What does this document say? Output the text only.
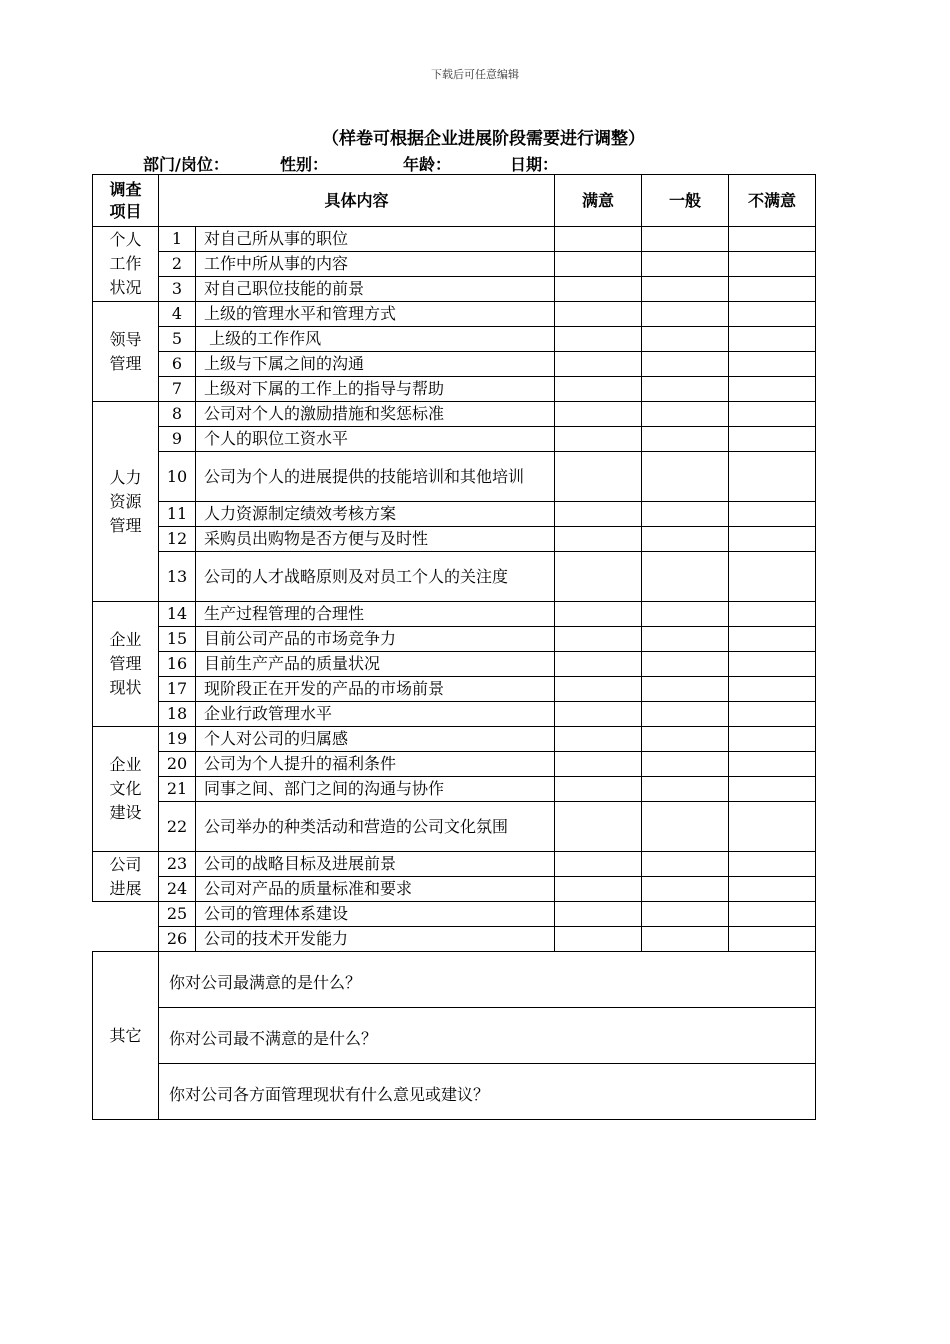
下载后可任意编辑
（样卷可根据企业进展阶段需要进行调整）
部门/岗位：	性别：	年龄：	日期：
调查
项目	具体内容		满意	一般	不满意
个人
工作
状况	1	对自己所从事的职位			
	2	工作中所从事的内容			
	3	对自己职位技能的前景			
领导
管理	4	上级的管理水平和管理方式			
	5	上级的工作作风			
	6	上级与下属之间的沟通			
	7	上级对下属的工作上的指导与帮助			
人力
资源
管理	8	公司对个人的激励措施和奖惩标准			
	9	个人的职位工资水平			
	10	公司为个人的进展提供的技能培训和其他培训			
	11	人力资源制定绩效考核方案			
	12	采购员出购物是否方便与及时性			
	13	公司的人才战略原则及对员工个人的关注度			
企业
管理
现状	14	生产过程管理的合理性			
	15	目前公司产品的市场竞争力			
	16	目前生产产品的质量状况			
	17	现阶段正在开发的产品的市场前景			
	18	企业行政管理水平			
企业
文化
建设	19	个人对公司的归属感			
	20	公司为个人提升的福利条件			
	21	同事之间、部门之间的沟通与协作			
	22	公司举办的种类活动和营造的公司文化氛围			
公司
进展	23	公司的战略目标及进展前景			
	24	公司对产品的质量标准和要求			
	25	公司的管理体系建设			
	26	公司的技术开发能力			
其它	你对公司最满意的是什么？				
	你对公司最不满意的是什么？				
	你对公司各方面管理现状有什么意见或建议？				
